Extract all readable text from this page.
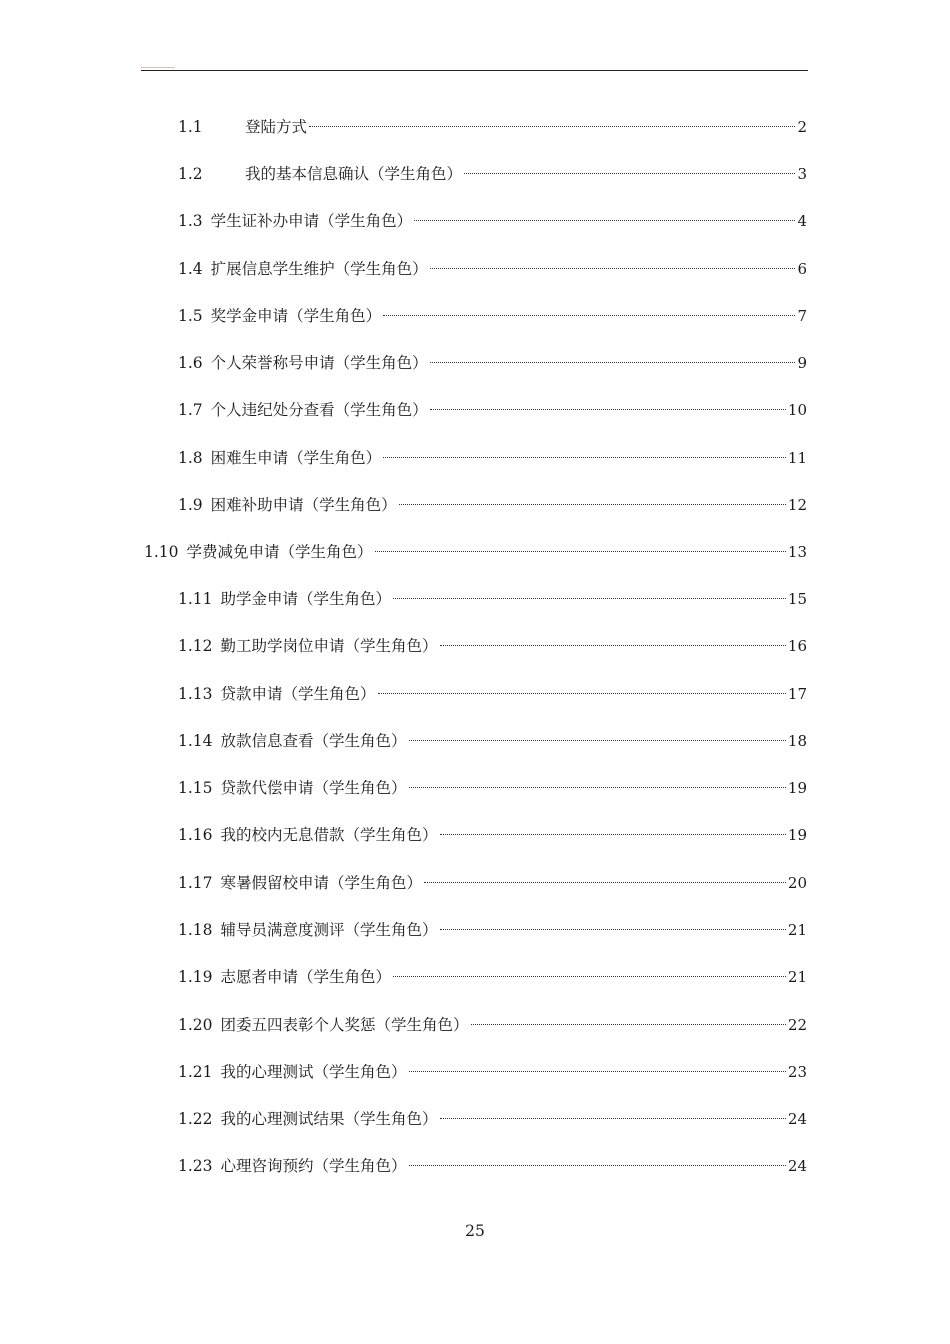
1.1	登陆方式	2
1.2	我的基本信息确认（学生角色）	3
1.3 学生证补办申请（学生角色）	4
1.4 扩展信息学生维护（学生角色）	6
1.5 奖学金申请（学生角色）	7
1.6 个人荣誉称号申请（学生角色）	9
1.7 个人违纪处分查看（学生角色）	10
1.8 困难生申请（学生角色）	11
1.9 困难补助申请（学生角色）	12
1.10 学费减免申请（学生角色）	13
1.11 助学金申请（学生角色）	15
1.12 勤工助学岗位申请（学生角色）	16
1.13 贷款申请（学生角色）	17
1.14 放款信息查看（学生角色）	18
1.15 贷款代偿申请（学生角色）	19
1.16 我的校内无息借款（学生角色）	19
1.17 寒暑假留校申请（学生角色）	20
1.18 辅导员满意度测评（学生角色）	21
1.19 志愿者申请（学生角色）	21
1.20 团委五四表彰个人奖惩（学生角色）	22
1.21 我的心理测试（学生角色）	23
1.22 我的心理测试结果（学生角色）	24
1.23 心理咨询预约（学生角色）	24
25
